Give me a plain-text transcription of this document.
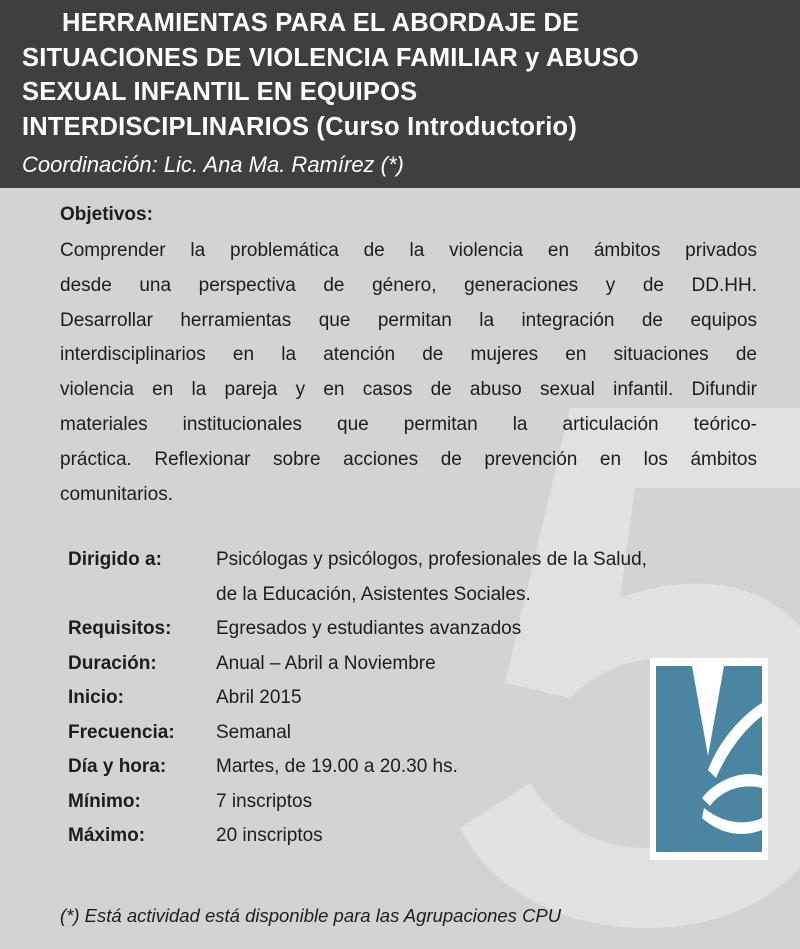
HERRAMIENTAS PARA EL ABORDAJE DE
SITUACIONES DE VIOLENCIA FAMILIAR y ABUSO
SEXUAL INFANTIL EN EQUIPOS
INTERDISCIPLINARIOS (Curso Introductorio)
Coordinación: Lic. Ana Ma. Ramírez (*)
Objetivos:
Comprender la problemática de la violencia en ámbitos privados
desde una perspectiva de género, generaciones y de DD.HH.
Desarrollar herramientas que permitan la integración de equipos
interdisciplinarios en la atención de mujeres en situaciones de
violencia en la pareja y en casos de abuso sexual infantil. Difundir
materiales institucionales que permitan la articulación teórico-
práctica. Reflexionar sobre acciones de prevención en los ámbitos
comunitarios.
Dirigido a:	Psicólogas y psicólogos, profesionales de la Salud,
de la Educación, Asistentes Sociales.

Requisitos:	Egresados y estudiantes avanzados
Duración:	Anual – Abril a Noviembre
Inicio:	Abril 2015
Frecuencia:	Semanal
Día y hora:	Martes, de 19.00 a 20.30 hs.
Mínimo:	7 inscriptos
Máximo:	20 inscriptos
(*) Está actividad está disponible para las Agrupaciones CPU
